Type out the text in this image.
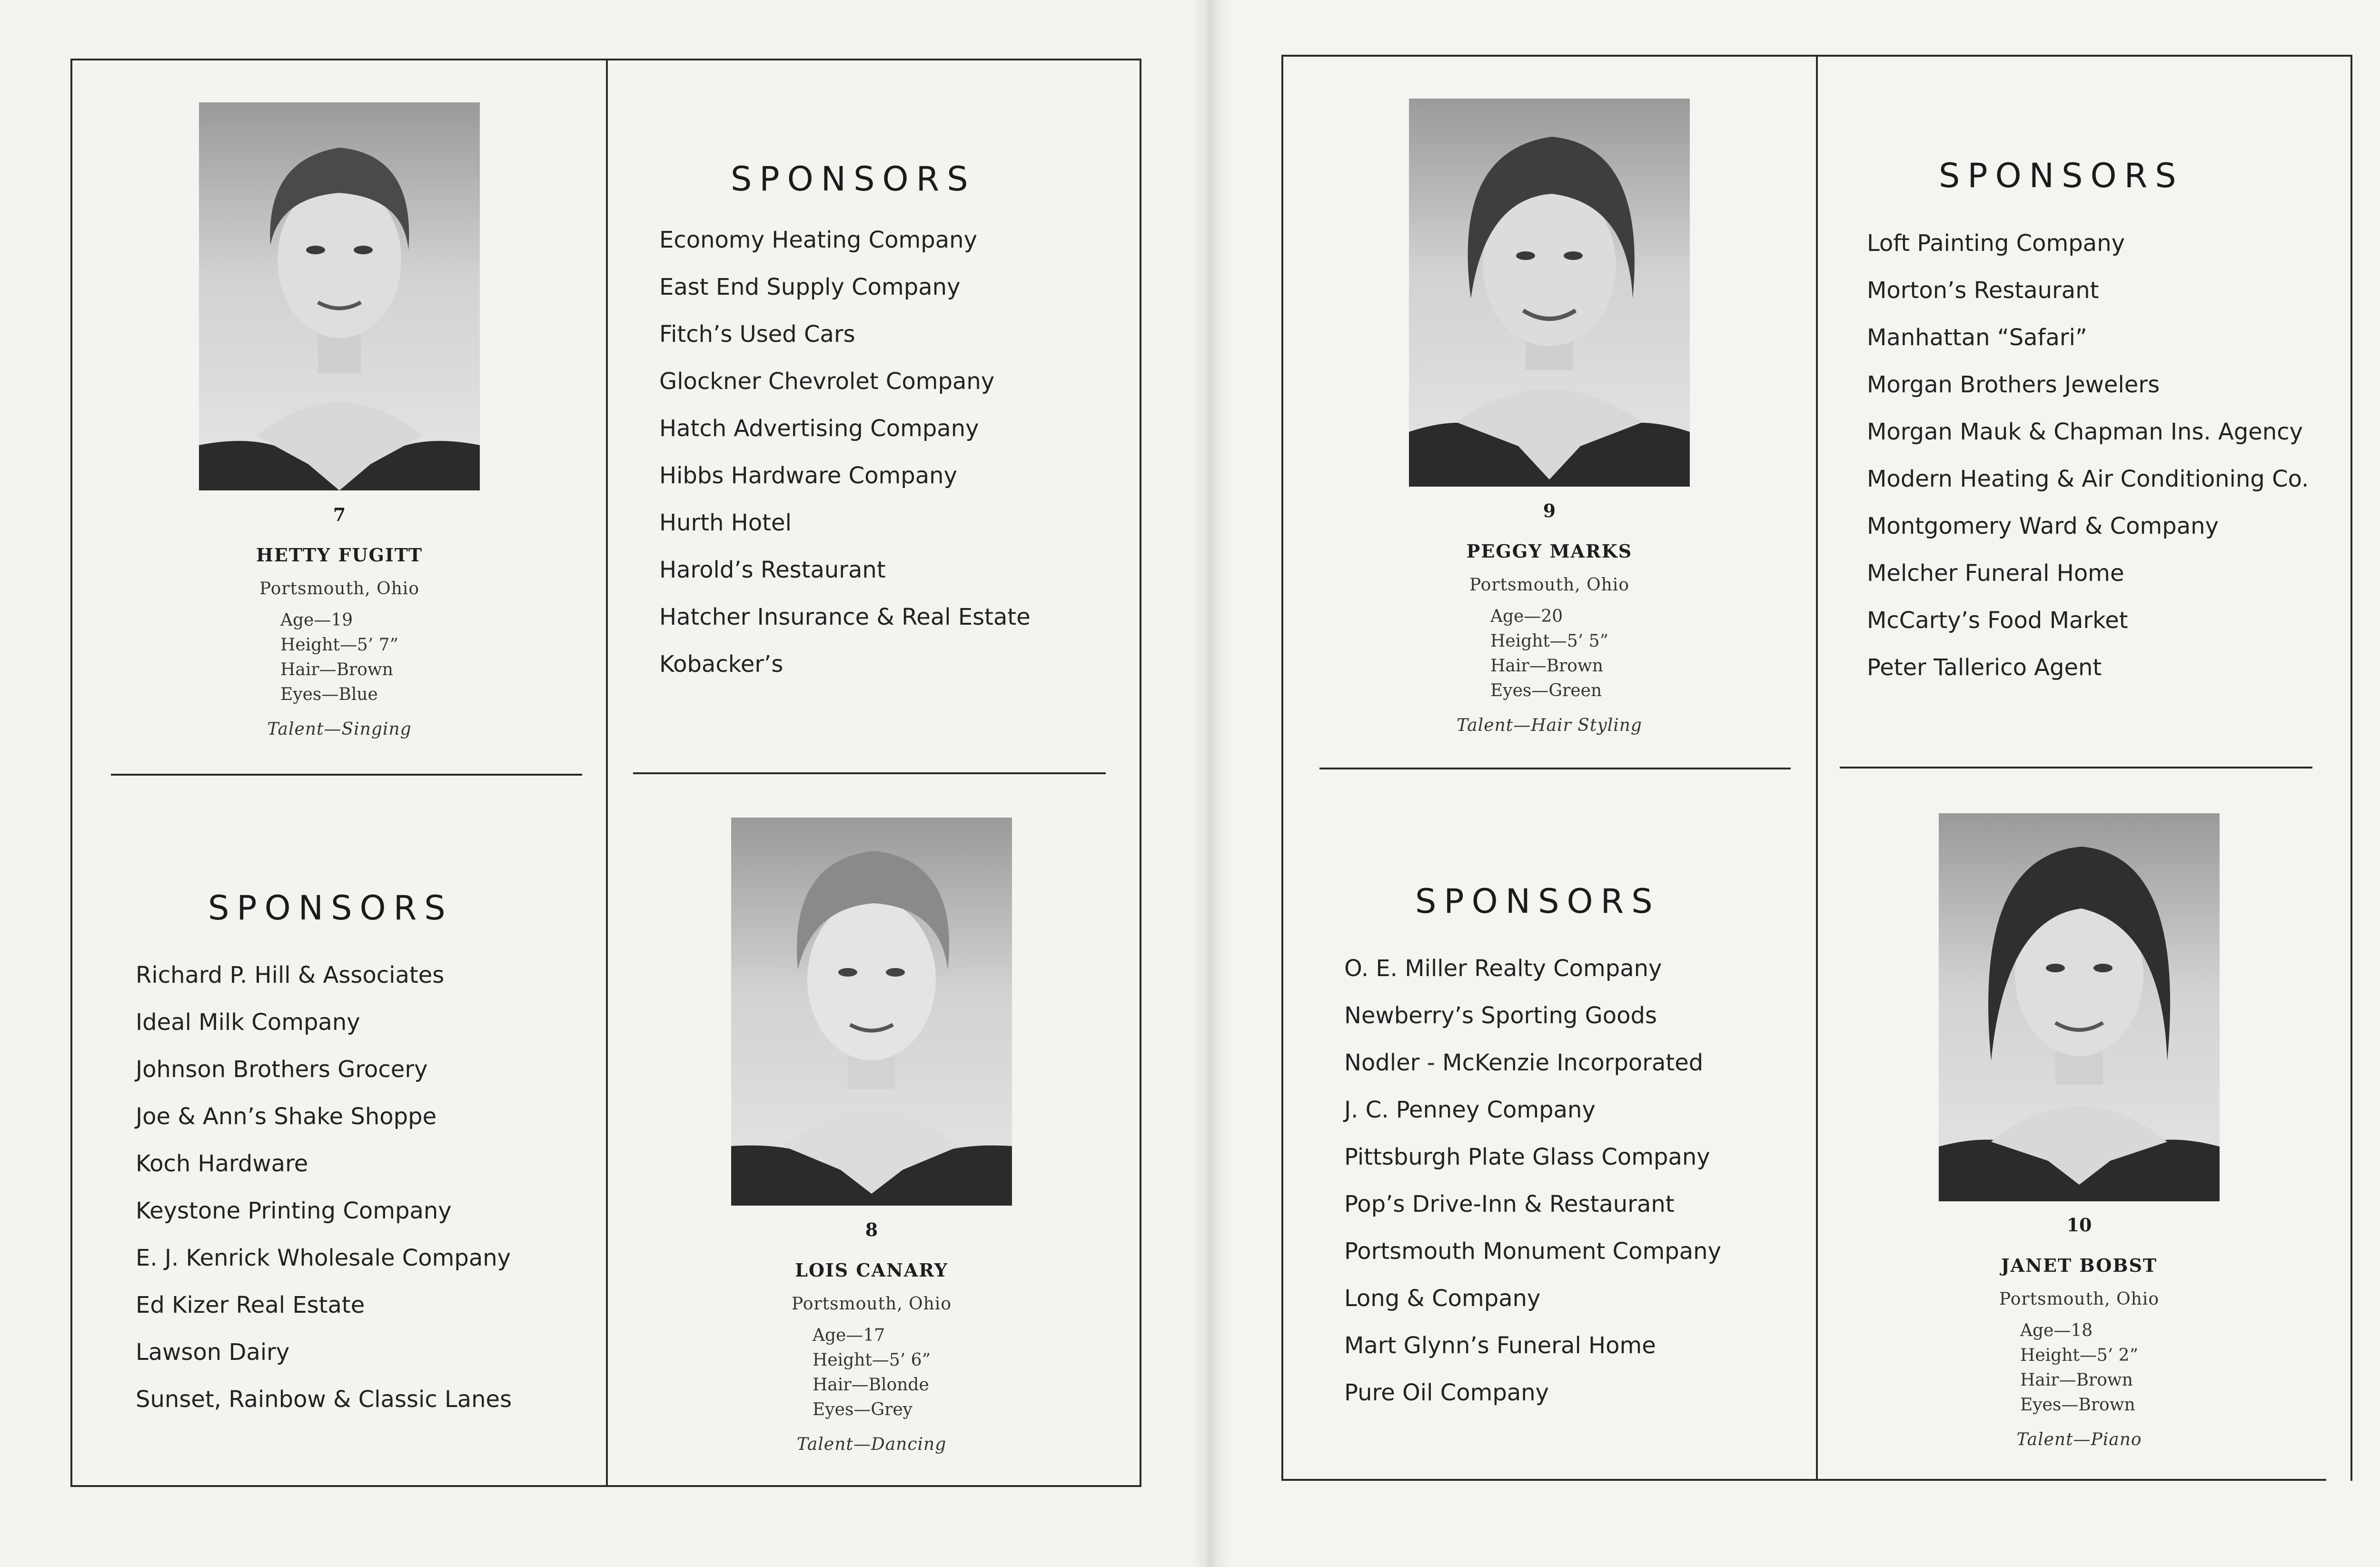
7
HETTY FUGITT
Portsmouth, Ohio
Age—19
Height—5’ 7”
Hair—Brown
Eyes—Blue
Talent—Singing
8
LOIS CANARY
Portsmouth, Ohio
Age—17
Height—5’ 6”
Hair—Blonde
Eyes—Grey
Talent—Dancing
9
PEGGY MARKS
Portsmouth, Ohio
Age—20
Height—5’ 5”
Hair—Brown
Eyes—Green
Talent—Hair Styling
10
JANET BOBST
Portsmouth, Ohio
Age—18
Height—5’ 2”
Hair—Brown
Eyes—Brown
Talent—Piano
SPONSORS
Economy Heating Company
East End Supply Company
Fitch’s Used Cars
Glockner Chevrolet Company
Hatch Advertising Company
Hibbs Hardware Company
Hurth Hotel
Harold’s Restaurant
Hatcher Insurance & Real Estate
Kobacker’s
SPONSORS
Richard P. Hill & Associates
Ideal Milk Company
Johnson Brothers Grocery
Joe & Ann’s Shake Shoppe
Koch Hardware
Keystone Printing Company
E. J. Kenrick Wholesale Company
Ed Kizer Real Estate
Lawson Dairy
Sunset, Rainbow & Classic Lanes
SPONSORS
Loft Painting Company
Morton’s Restaurant
Manhattan “Safari”
Morgan Brothers Jewelers
Morgan Mauk & Chapman Ins. Agency
Modern Heating & Air Conditioning Co.
Montgomery Ward & Company
Melcher Funeral Home
McCarty’s Food Market
Peter Tallerico Agent
SPONSORS
O. E. Miller Realty Company
Newberry’s Sporting Goods
Nodler - McKenzie Incorporated
J. C. Penney Company
Pittsburgh Plate Glass Company
Pop’s Drive-Inn & Restaurant
Portsmouth Monument Company
Long & Company
Mart Glynn’s Funeral Home
Pure Oil Company
